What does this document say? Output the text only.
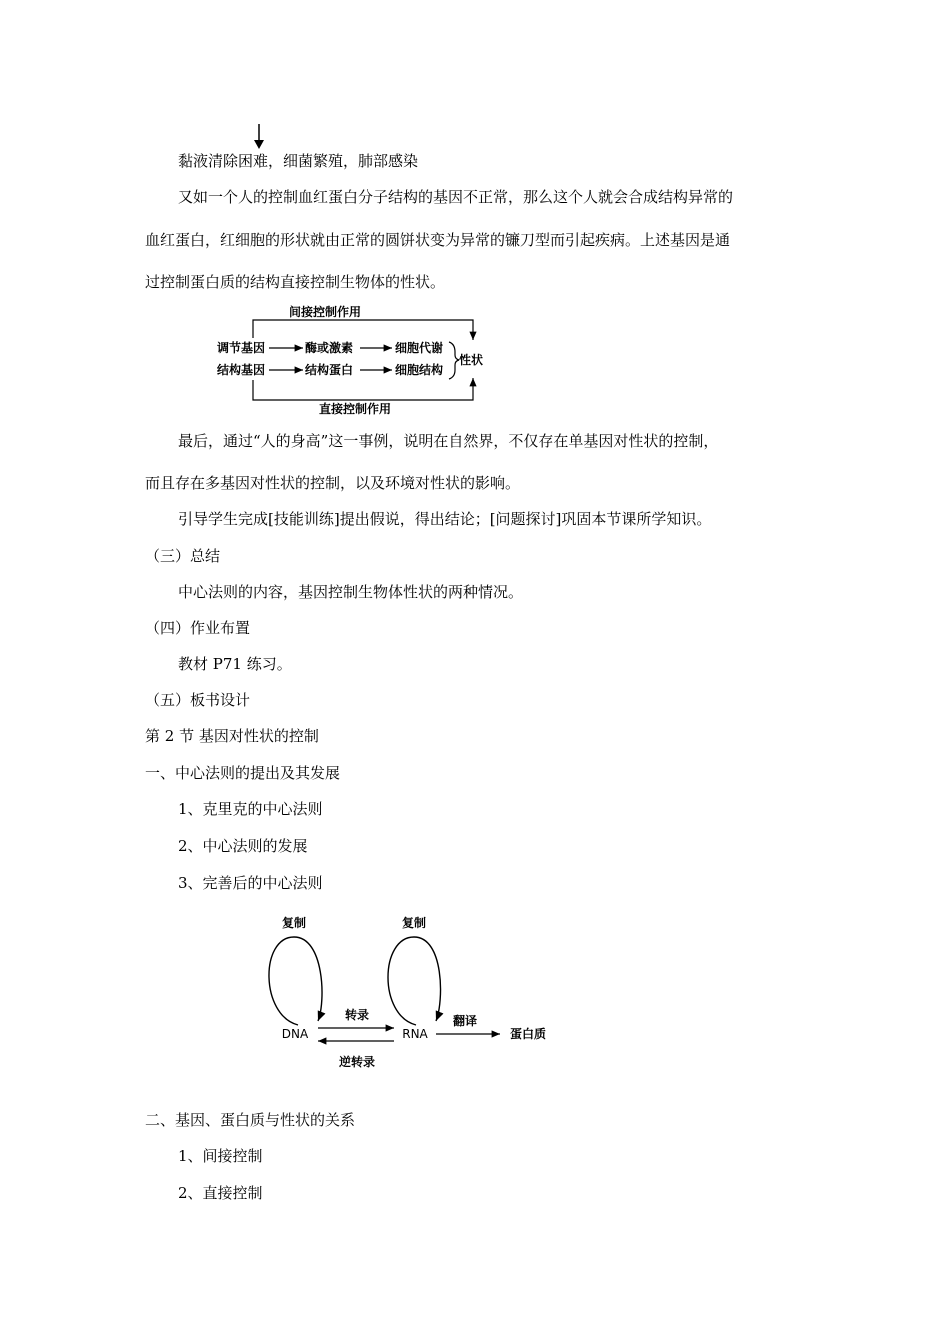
黏液清除困难，细菌繁殖，肺部感染
又如一个人的控制血红蛋白分子结构的基因不正常，那么这个人就会合成结构异常的
血红蛋白，红细胞的形状就由正常的圆饼状变为异常的镰刀型而引起疾病。上述基因是通
过控制蛋白质的结构直接控制生物体的性状。
间接控制作用
调节基因	酶或激素	细胞代谢
结构基因	结构蛋白	细胞结构
性状
直接控制作用
最后，通过“人的身高”这一事例，说明在自然界，不仅存在单基因对性状的控制，
而且存在多基因对性状的控制，以及环境对性状的影响。
引导学生完成[技能训练]提出假说，得出结论；[问题探讨]巩固本节课所学知识。
（三）总结
中心法则的内容，基因控制生物体性状的两种情况。
（四）作业布置
教材 P71 练习。
（五）板书设计
第 2 节 基因对性状的控制
一、中心法则的提出及其发展
1、克里克的中心法则
2、中心法则的发展
3、完善后的中心法则
复制	复制
DNA	RNA
转录
逆转录
翻译
蛋白质
二、基因、蛋白质与性状的关系
1、间接控制
2、直接控制
